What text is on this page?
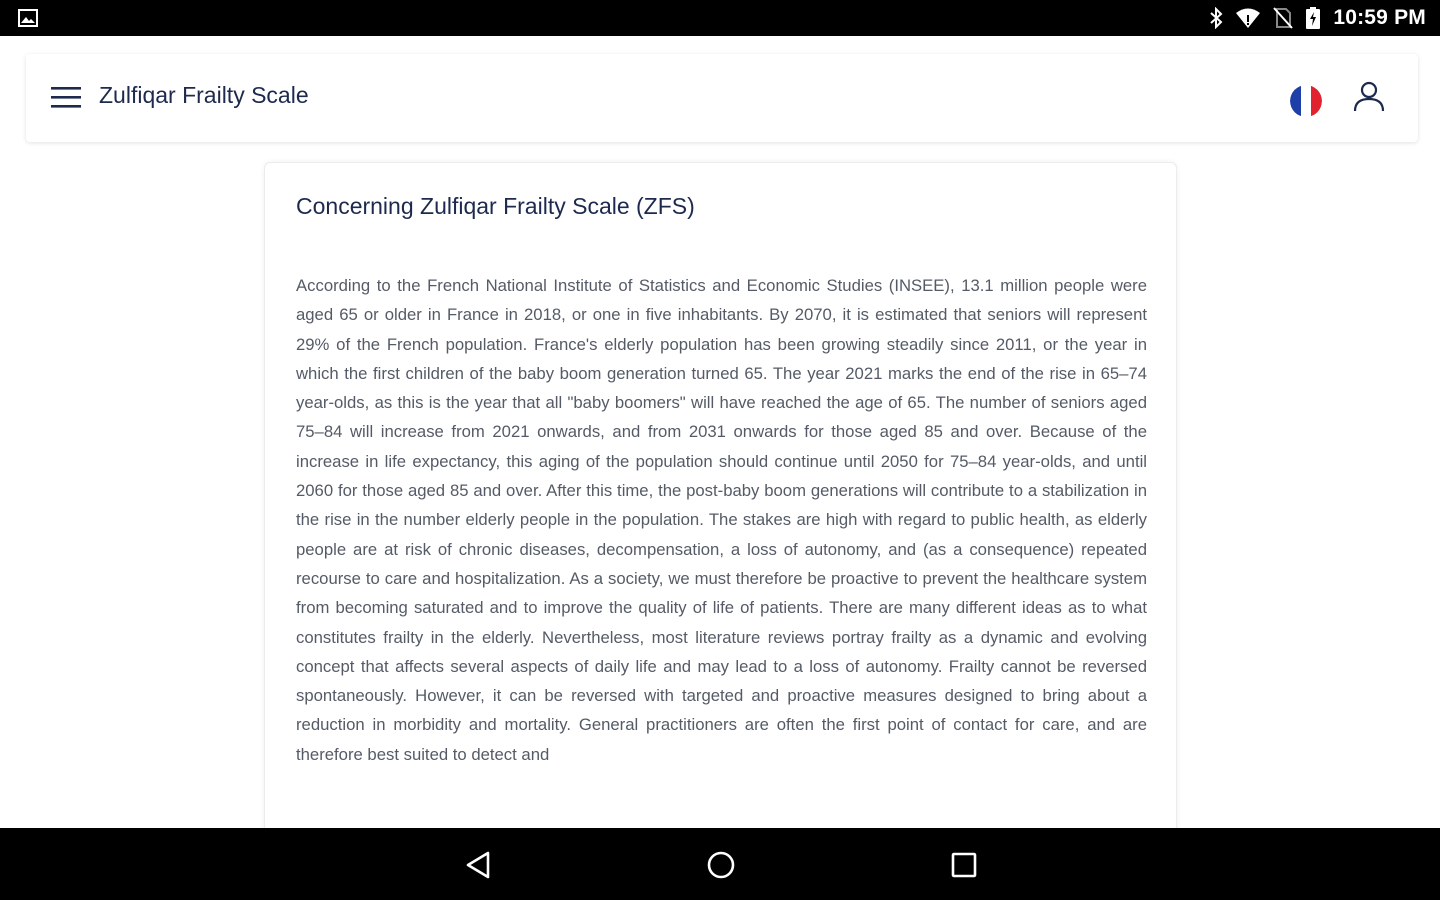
10:59 PM
Zulfiqar Frailty Scale
Concerning Zulfiqar Frailty Scale (ZFS)

According to the French National Institute of Statistics and Economic Studies (INSEE), 13.1 million people were aged 65 or older in France in 2018, or one in five inhabitants. By 2070, it is estimated that seniors will represent 29% of the French population. France's elderly population has been growing steadily since 2011, or the year in which the first children of the baby boom generation turned 65. The year 2021 marks the end of the rise in 65–74 year-olds, as this is the year that all "baby boomers" will have reached the age of 65. The number of seniors aged 75–84 will increase from 2021 onwards, and from 2031 onwards for those aged 85 and over. Because of the increase in life expectancy, this aging of the population should continue until 2050 for 75–84 year-olds, and until 2060 for those aged 85 and over. After this time, the post-baby boom generations will contribute to a stabilization in the rise in the number elderly people in the population. The stakes are high with regard to public health, as elderly people are at risk of chronic diseases, decompensation, a loss of autonomy, and (as a consequence) repeated recourse to care and hospitalization. As a society, we must therefore be proactive to prevent the healthcare system from becoming saturated and to improve the quality of life of patients. There are many different ideas as to what constitutes frailty in the elderly. Nevertheless, most literature reviews portray frailty as a dynamic and evolving concept that affects several aspects of daily life and may lead to a loss of autonomy. Frailty cannot be reversed spontaneously. However, it can be reversed with targeted and proactive measures designed to bring about a reduction in morbidity and mortality. General practitioners are often the first point of contact for care, and are therefore best suited to detect and
